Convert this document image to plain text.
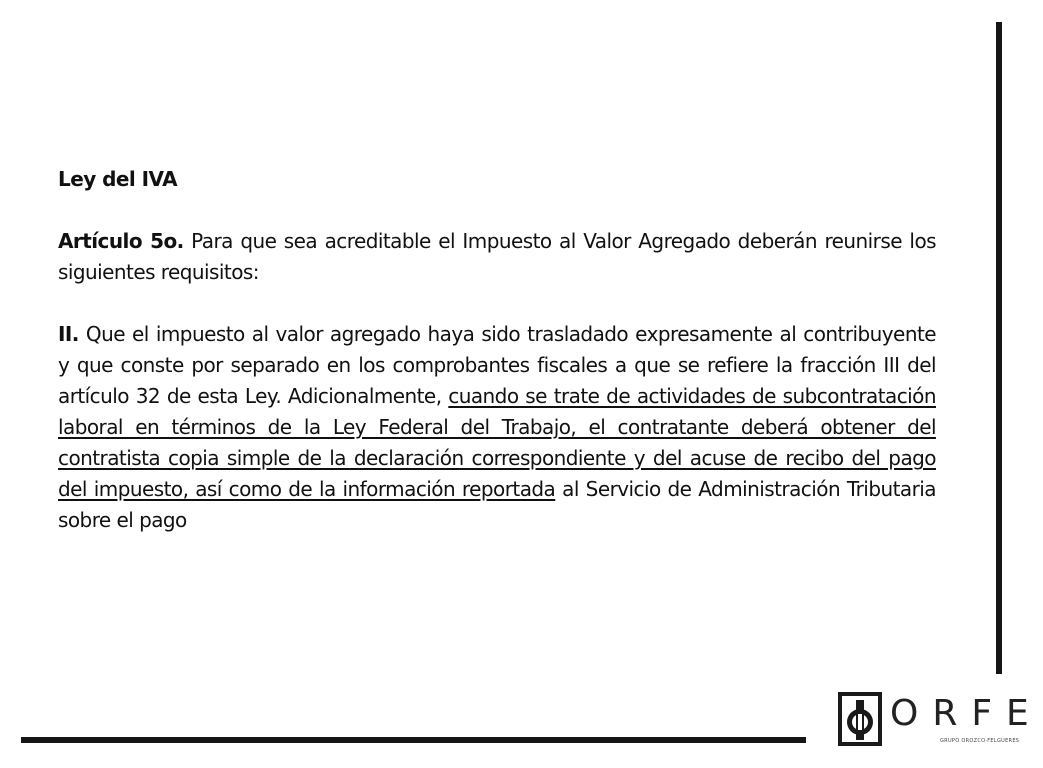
Ley del IVA

Artículo 5o. Para que sea acreditable el Impuesto al Valor Agregado deberán reunirse los siguientes requisitos:

II. Que el impuesto al valor agregado haya sido trasladado expresamente al contribuyente y que conste por separado en los comprobantes fiscales a que se refiere la fracción III del artículo 32 de esta Ley. Adicionalmente, cuando se trate de actividades de subcontratación laboral en términos de la Ley Federal del Trabajo, el contratante deberá obtener del contratista copia simple de la declaración correspondiente y del acuse de recibo del pago del impuesto, así como de la información reportada al Servicio de Administración Tributaria sobre el pago

ORFE
GRUPO OROZCO·FELGUERES
